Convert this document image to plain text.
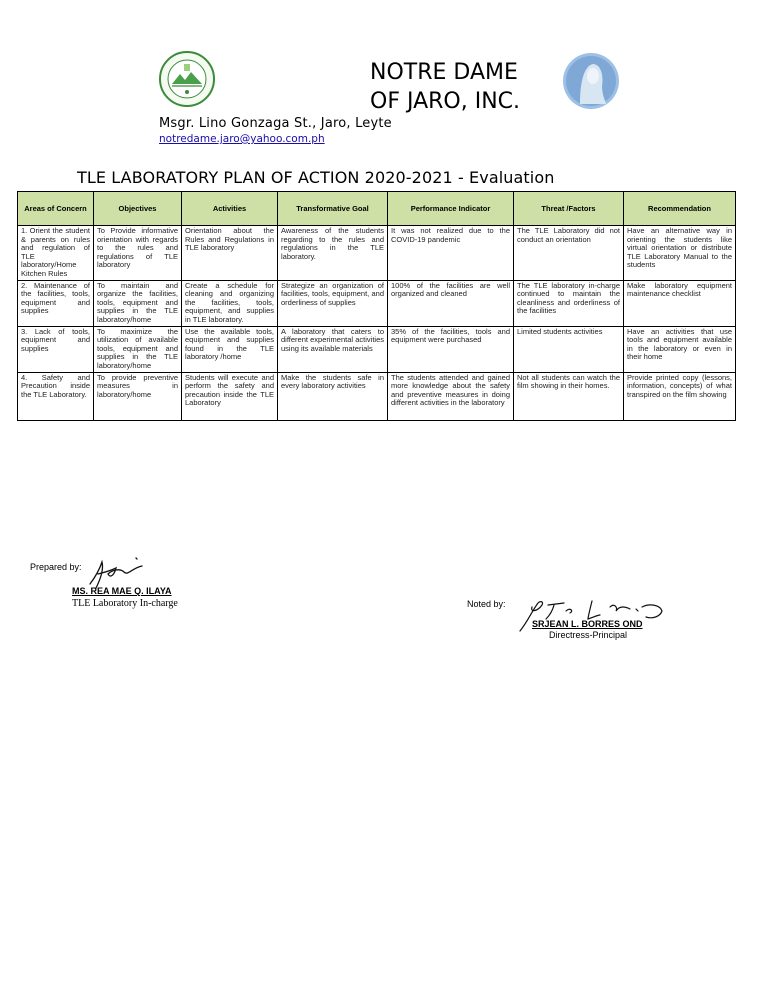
NOTRE DAME
OF JARO, INC.
Msgr. Lino Gonzaga St., Jaro, Leyte
notredame.jaro@yahoo.com.ph
TLE LABORATORY PLAN OF ACTION 2020-2021 - Evaluation
Areas of Concern	Objectives	Activities	Transformative Goal	Performance Indicator	Threat /Factors	Recommendation
1. Orient the student & parents on rules and regulation of TLE laboratory/Home Kitchen Rules	To Provide informative orientation with regards to the rules and regulations of TLE laboratory	Orientation about the Rules and Regulations in TLE laboratory	Awareness of the students regarding to the rules and regulations in the TLE laboratory.	It was not realized due to the COVID-19 pandemic	The TLE Laboratory did not conduct an orientation	Have an alternative way in orienting the students like virtual orientation or distribute TLE Laboratory Manual to the students
2. Maintenance of the facilities, tools, equipment and supplies	To maintain and organize the facilities, tools, equipment and supplies in the TLE laboratory/home	Create a schedule for cleaning and organizing the facilities, tools, equipment, and supplies in TLE laboratory.	Strategize an organization of facilities, tools, equipment, and orderliness of supplies	100% of the facilities are well organized and cleaned	The TLE laboratory in-charge continued to maintain the cleanliness and orderliness of the facilities	Make laboratory equipment maintenance checklist
3. Lack of tools, equipment and supplies	To maximize the utilization of available tools, equipment and supplies in the TLE laboratory/home	Use the available tools, equipment and supplies found in the TLE laboratory /home	A laboratory that caters to different experimental activities using its available materials	35% of the facilities, tools and equipment were purchased	Limited students activities	Have an activities that use tools and equipment available in the laboratory or even in their home
4. Safety and Precaution inside the TLE Laboratory.	To provide preventive measures in laboratory/home	Students will execute and perform the safety and precaution inside the TLE Laboratory	Make the students safe in every laboratory activities	The students attended and gained more knowledge about the safety and preventive measures in doing different activities in the laboratory	Not all students can watch the film showing in their homes.	Provide printed copy (lessons, information, concepts) of what transpired on the film showing
Prepared by:
MS. REA MAE Q. ILAYA
TLE Laboratory In-charge	Noted by:
SRJEAN L. BORRES OND
Directress-Principal
